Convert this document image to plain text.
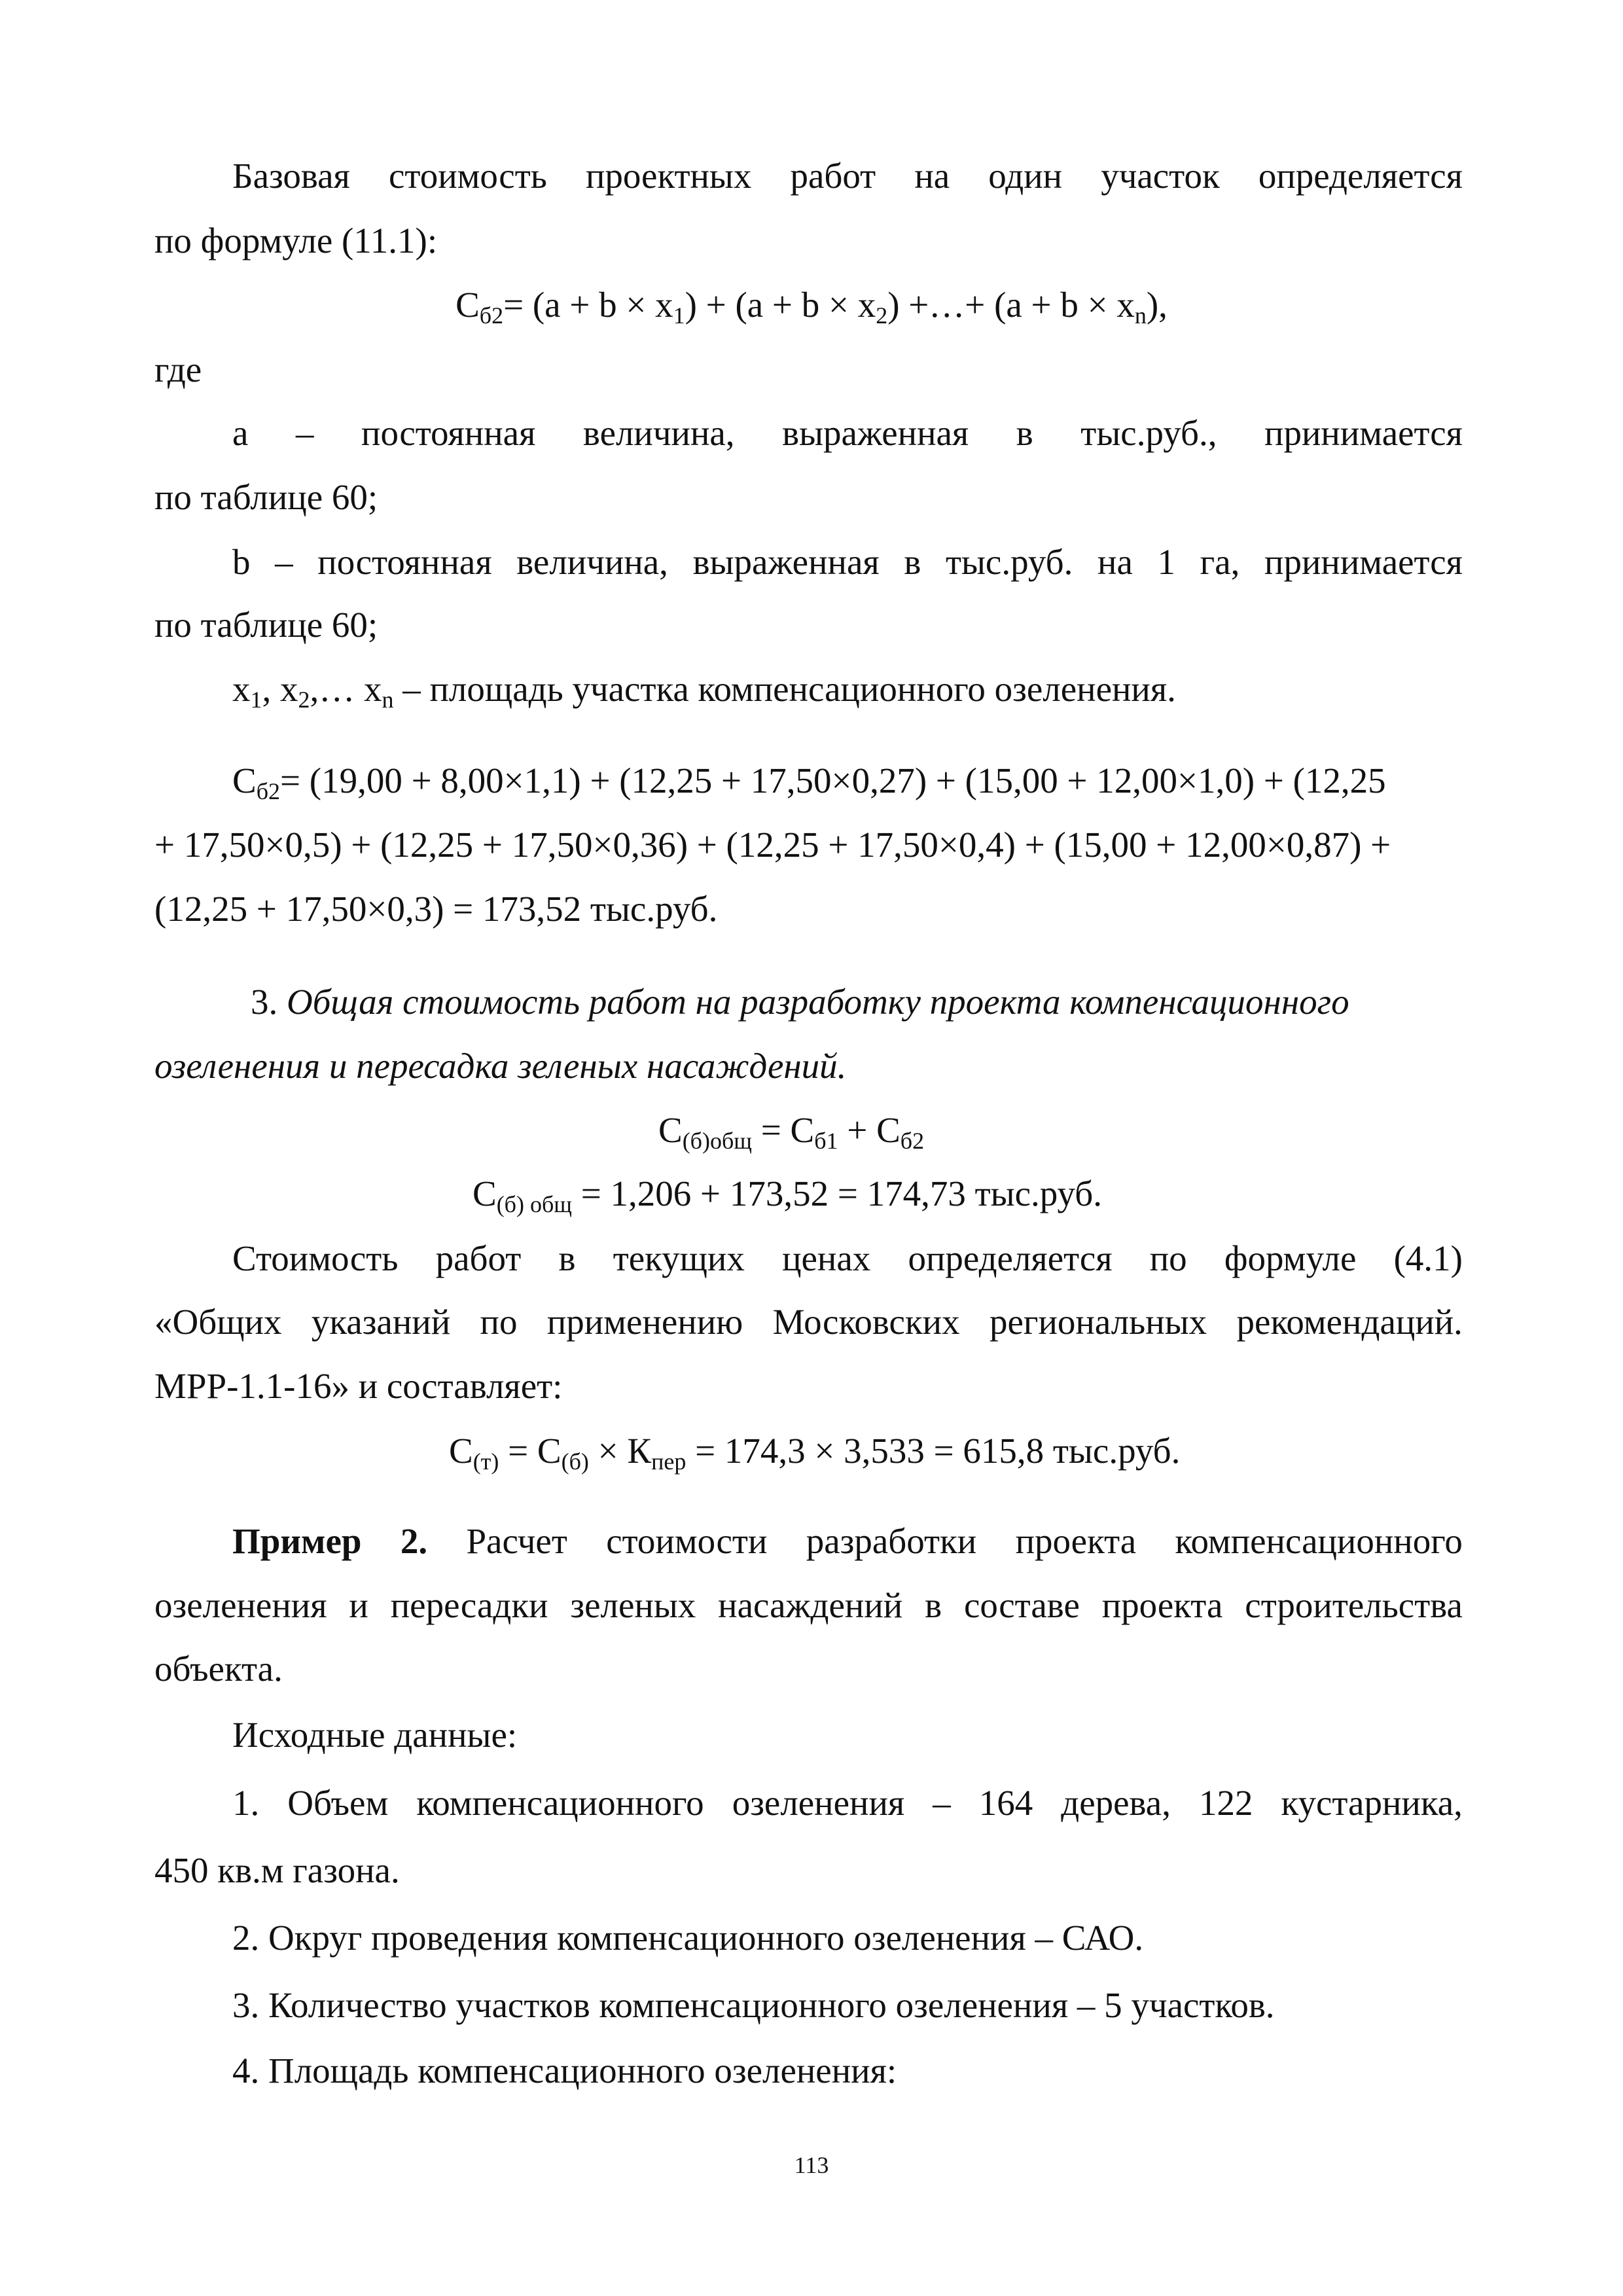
Базовая стоимость проектных работ на один участок определяется
по формуле (11.1):
$С_{б2}= (a + b \times x_1) + (a + b \times x_2)$ +…+ $(a + b \times x_n)$,
где
a – постоянная величина, выраженная в тыс.руб., принимается
по таблице 60;
b – постоянная величина, выраженная в тыс.руб. на 1 га, принимается
по таблице 60;
$x_1$, $x_2,\dots$ $x_n$ – площадь участка компенсационного озеленения.
$С_{б2}= (19,00 + 8,00\times 1,1) + (12,25 + 17,50\times 0,27) + (15,00 + 12,00\times 1,0) + (12,25$
+ 17,50×0,5) + (12,25 + 17,50×0,36) + (12,25 + 17,50×0,4) + (15,00 + 12,00×0,87) +
(12,25 + 17,50×0,3) = 173,52 тыс.руб.
3. Общая стоимость работ на разработку проекта компенсационного
озеленения и пересадка зеленых насаждений.
$С_{(б)общ} = С_{б1} + С_{б2}$
$С_{(б) общ} = 1,206 + 173,52 = 174,73$ тыс.руб.
Стоимость работ в текущих ценах определяется по формуле (4.1)
«Общих указаний по применению Московских региональных рекомендаций.
МРР-1.1-16» и составляет:
$С_{(т)} = С_{(б)} \times К_{пер} = 174,3 \times 3,533 = 615,8$ тыс.руб.
Пример 2. Расчет стоимости разработки проекта компенсационного
озеленения и пересадки зеленых насаждений в составе проекта строительства
объекта.
Исходные данные:
1. Объем компенсационного озеленения – 164 дерева, 122 кустарника,
450 кв.м газона.
2. Округ проведения компенсационного озеленения – САО.
3. Количество участков компенсационного озеленения – 5 участков.
4. Площадь компенсационного озеленения:
113
